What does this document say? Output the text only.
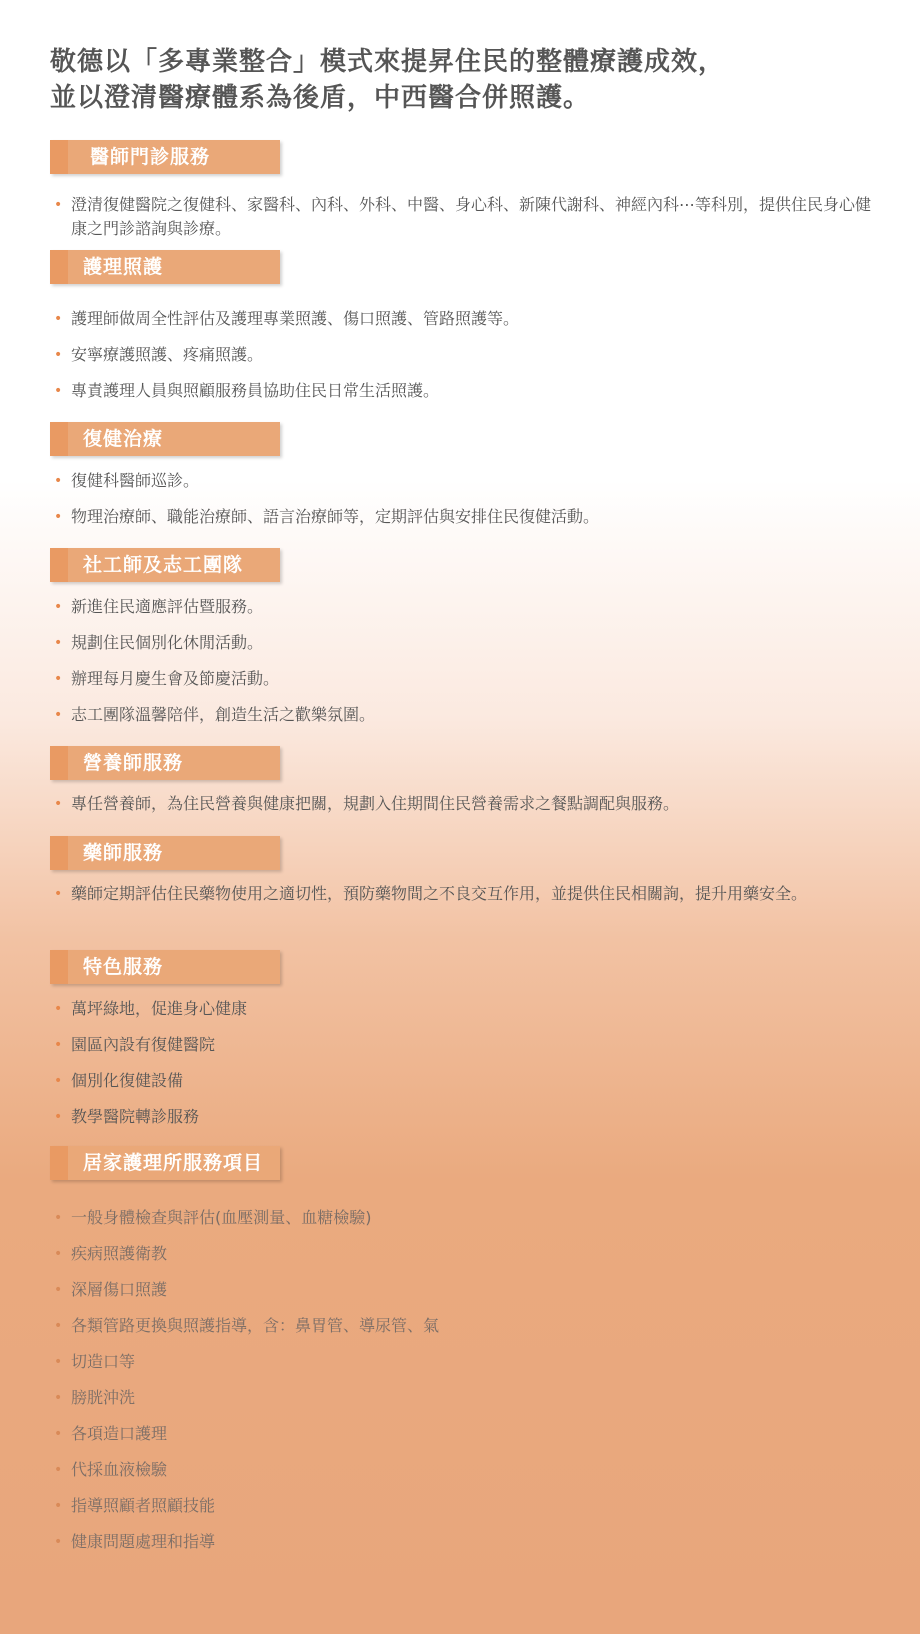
敬德以「多專業整合」模式來提昇住民的整體療護成效，
並以澄清醫療體系為後盾，中西醫合併照護。
醫師門診服務
• 澄清復健醫院之復健科、家醫科、內科、外科、中醫、身心科、新陳代謝科、神經內科⋯等科別，提供住民身心健康之門診諮詢與診療。
護理照護
• 護理師做周全性評估及護理專業照護、傷口照護、管路照護等。
• 安寧療護照護、疼痛照護。
• 專責護理人員與照顧服務員協助住民日常生活照護。
復健治療
• 復健科醫師巡診。
• 物理治療師、職能治療師、語言治療師等，定期評估與安排住民復健活動。
社工師及志工團隊
• 新進住民適應評估暨服務。
• 規劃住民個別化休閒活動。
• 辦理每月慶生會及節慶活動。
• 志工團隊溫馨陪伴，創造生活之歡樂氛圍。
營養師服務
• 專任營養師，為住民營養與健康把關，規劃入住期間住民營養需求之餐點調配與服務。
藥師服務
• 藥師定期評估住民藥物使用之適切性，預防藥物間之不良交互作用，並提供住民相關詢，提升用藥安全。
特色服務
• 萬坪綠地，促進身心健康
• 園區內設有復健醫院
• 個別化復健設備
• 教學醫院轉診服務
居家護理所服務項目
• 一般身體檢查與評估(血壓測量、血糖檢驗)
• 疾病照護衛教
• 深層傷口照護
• 各類管路更換與照護指導，含：鼻胃管、導尿管、氣
• 切造口等
• 膀胱沖洗
• 各項造口護理
• 代採血液檢驗
• 指導照顧者照顧技能
• 健康問題處理和指導
